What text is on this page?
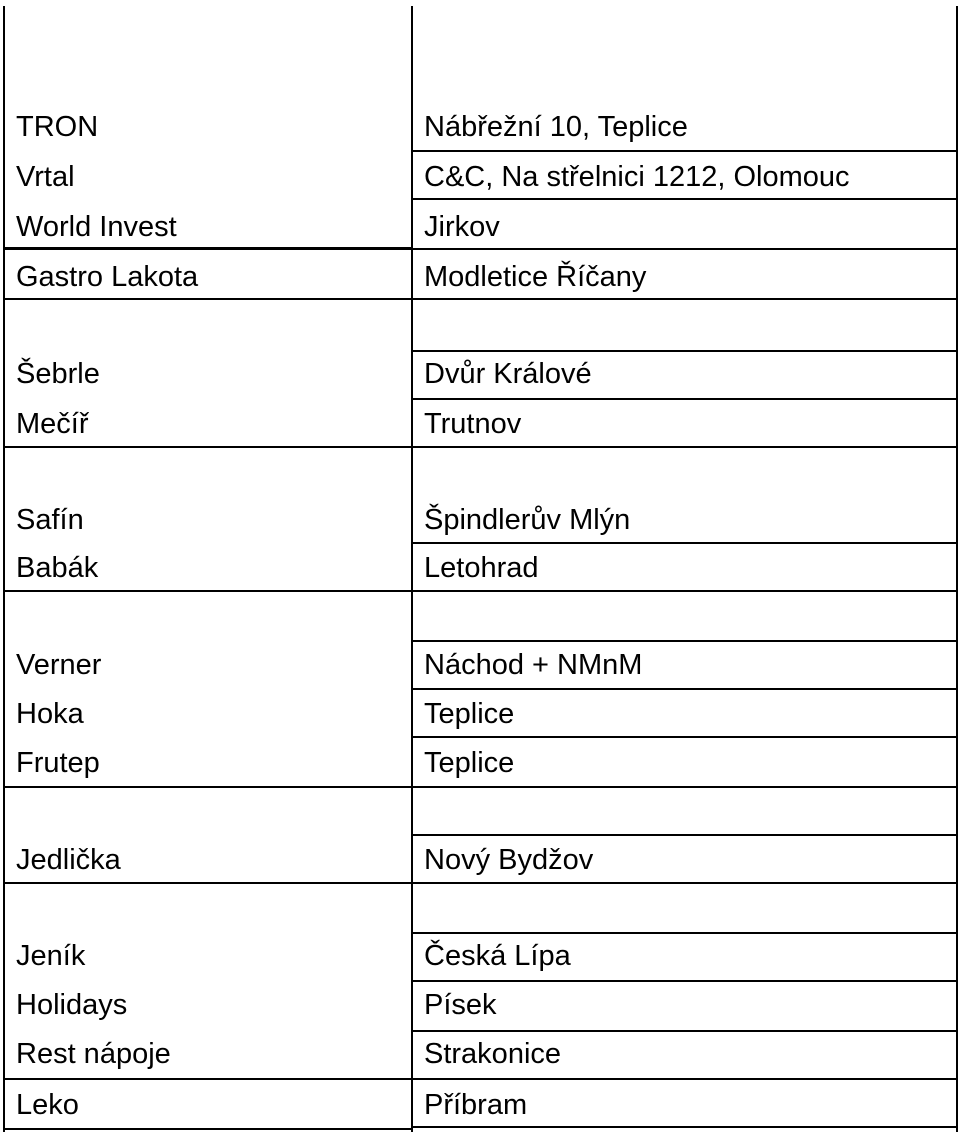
TRON	Nábřežní 10, Teplice
Vrtal	C&C, Na střelnici 1212, Olomouc
World Invest	Jirkov
Gastro Lakota	Modletice Říčany
Šebrle	Dvůr Králové
Mečíř	Trutnov
Safín	Špindlerův Mlýn
Babák	Letohrad
Verner	Náchod + NMnM
Hoka	Teplice
Frutep	Teplice
Jedlička	Nový Bydžov
Jeník	Česká Lípa
Holidays	Písek
Rest nápoje	Strakonice
Leko	Příbram
